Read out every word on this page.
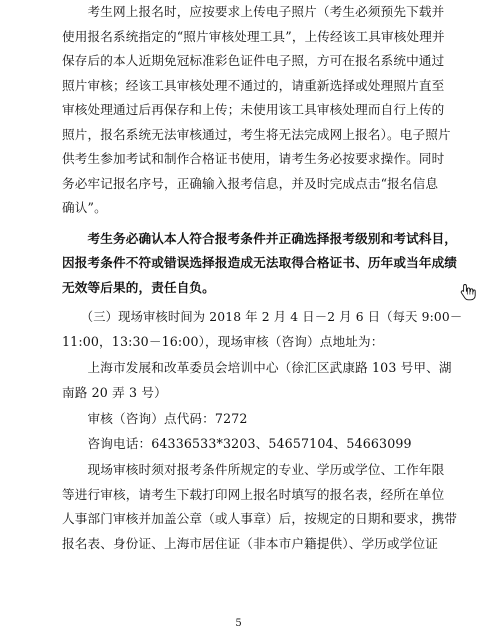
　　考生网上报名时，应按要求上传电子照片（考生必须预先下载并
使用报名系统指定的“照片审核处理工具”，上传经该工具审核处理并
保存后的本人近期免冠标准彩色证件电子照，方可在报名系统中通过
照片审核；经该工具审核处理不通过的，请重新选择或处理照片直至
审核处理通过后再保存和上传；未使用该工具审核处理而自行上传的
照片，报名系统无法审核通过，考生将无法完成网上报名）。电子照片
供考生参加考试和制作合格证书使用，请考生务必按要求操作。同时
务必牢记报名序号，正确输入报考信息，并及时完成点击“报名信息
确认”。
　　考生务必确认本人符合报考条件并正确选择报考级别和考试科目，
因报考条件不符或错误选择报造成无法取得合格证书、历年或当年成绩
无效等后果的，责任自负。
　　（三）现场审核时间为 2018 年 2 月 4 日－2 月 6 日（每天 9:00－
11:00，13:30－16:00），现场审核（咨询）点地址为：
　　上海市发展和改革委员会培训中心（徐汇区武康路 103 号甲、湖
南路 20 弄 3 号）
　　审核（咨询）点代码：7272
　　咨询电话：64336533*3203、54657104、54663099
　　现场审核时须对报考条件所规定的专业、学历或学位、工作年限
等进行审核，请考生下载打印网上报名时填写的报名表，经所在单位
人事部门审核并加盖公章（或人事章）后，按规定的日期和要求，携带
报名表、身份证、上海市居住证（非本市户籍提供）、学历或学位证
5
